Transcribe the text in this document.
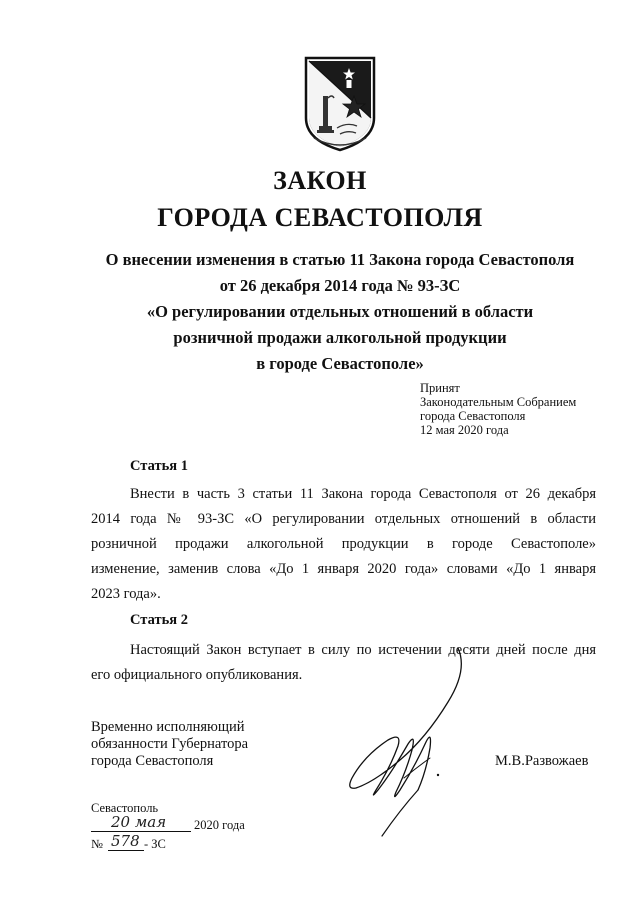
ЗАКОН
ГОРОДА СЕВАСТОПОЛЯ
О внесении изменения в статью 11 Закона города Севастополя
от 26 декабря 2014 года № 93-ЗС
«О регулировании отдельных отношений в области
розничной продажи алкогольной продукции
в городе Севастополе»
Принят
Законодательным Собранием
города Севастополя
12 мая 2020 года
Статья 1
Внести в часть 3 статьи 11 Закона города Севастополя от 26 декабря
2014 года № 93-ЗС «О регулировании отдельных отношений в области
розничной продажи алкогольной продукции в городе Севастополе»
изменение, заменив слова «До 1 января 2020 года» словами «До 1 января
2023 года».
Статья 2
Настоящий Закон вступает в силу по истечении десяти дней после дня
его официального опубликования.
Временно исполняющий
обязанности Губернатора
города Севастополя	М.В.Развожаев
Севастополь
20 мая 2020 года
№ 578 - ЗС
